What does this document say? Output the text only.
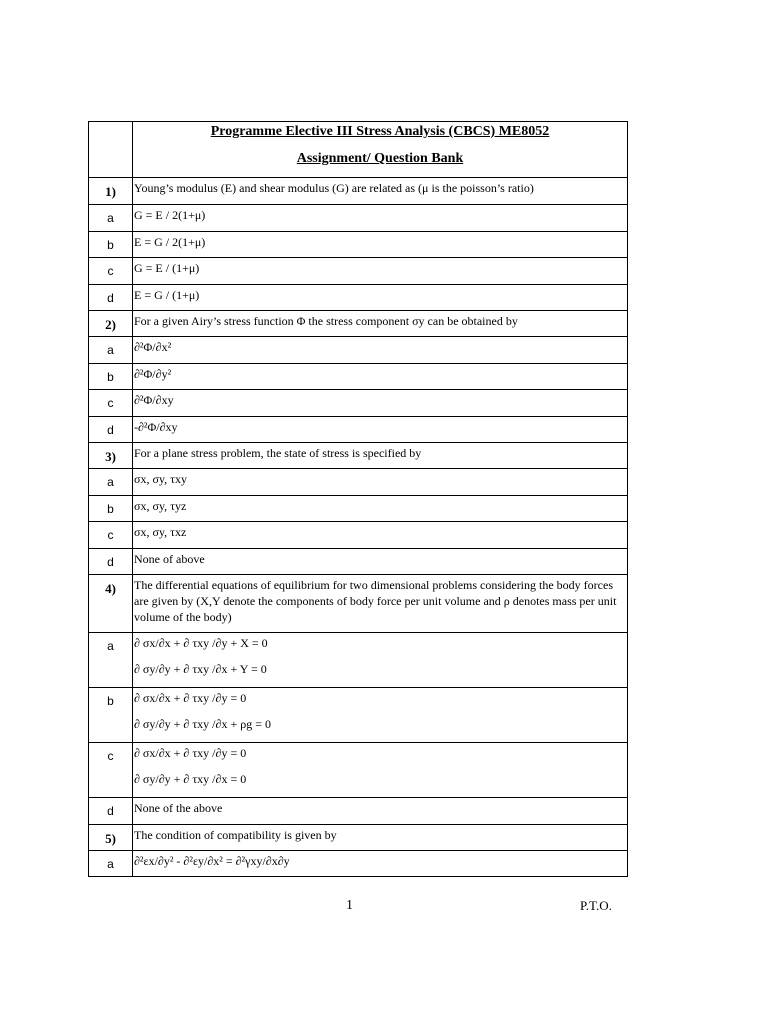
	Programme Elective III Stress Analysis (CBCS) ME8052
Assignment/ Question Bank

1)	Young’s modulus (E) and shear modulus (G) are related as (μ is the poisson’s ratio)
a	G = E / 2(1+μ)
b	E = G / 2(1+μ)
c	G = E / (1+μ)
d	E = G / (1+μ)
2)	For a given Airy’s stress function Φ the stress component σy can be obtained by
a	∂²Φ/∂x²
b	∂²Φ/∂y²
c	∂²Φ/∂xy
d	-∂²Φ/∂xy
3)	For a plane stress problem, the state of stress is specified by
a	σx, σy, τxy
b	σx, σy, τyz
c	σx, σy, τxz
d	None of above
4)	The differential equations of equilibrium for two dimensional problems considering the body forces are given by (X,Y denote the components of body force per unit volume and ρ denotes mass per unit volume of the body)
a	∂ σx/∂x + ∂ τxy /∂y + X = 0
∂ σy/∂y + ∂ τxy /∂x + Y = 0

b	∂ σx/∂x + ∂ τxy /∂y = 0
∂ σy/∂y + ∂ τxy /∂x + ρg = 0

c	∂ σx/∂x + ∂ τxy /∂y = 0
∂ σy/∂y + ∂ τxy /∂x = 0

d	None of the above
5)	The condition of compatibility is given by
a	∂²εx/∂y² - ∂²εy/∂x² = ∂²γxy/∂x∂y
1	P.T.O.
